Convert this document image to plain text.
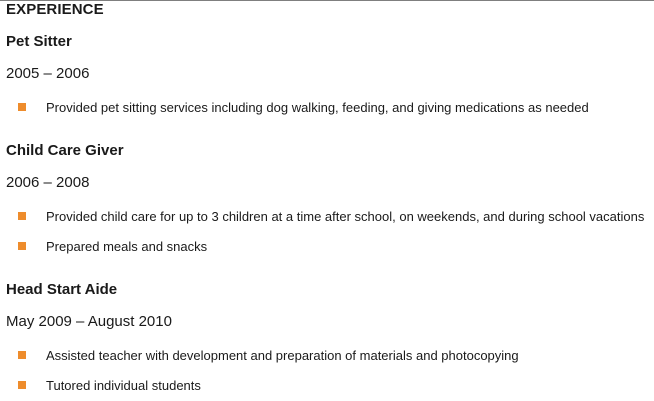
EXPERIENCE
Pet Sitter
2005 – 2006
Provided pet sitting services including dog walking, feeding, and giving medications as needed
Child Care Giver
2006 – 2008
Provided child care for up to 3 children at a time after school, on weekends, and during school vacations
Prepared meals and snacks
Head Start Aide
May 2009 – August 2010
Assisted teacher with development and preparation of materials and photocopying
Tutored individual students
